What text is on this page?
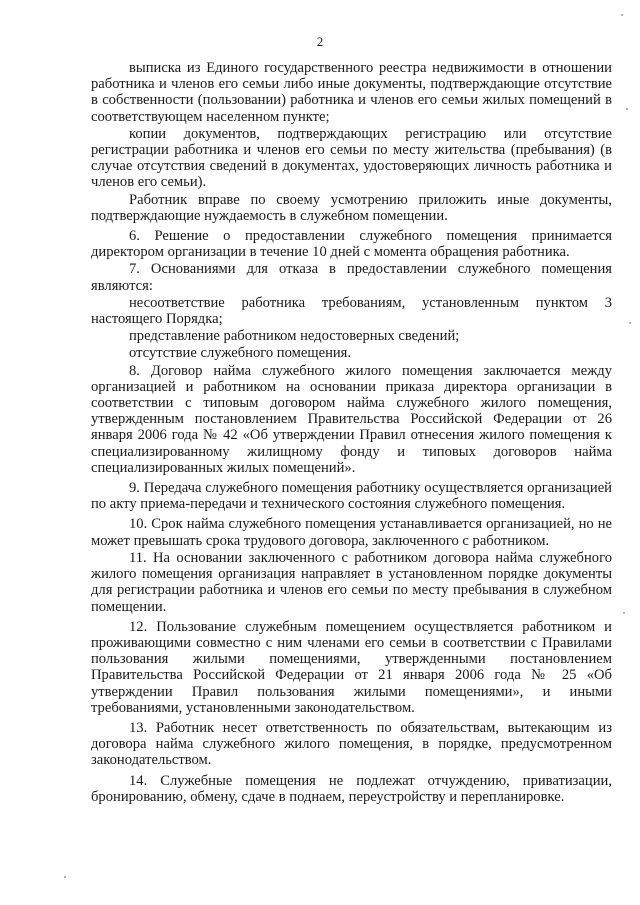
2

выписка из Единого государственного реестра недвижимости в отношении работника и членов его семьи либо иные документы, подтверждающие отсутствие в собственности (пользовании) работника и членов его семьи жилых помещений в соответствующем населенном пункте;

копии документов, подтверждающих регистрацию или отсутствие регистрации работника и членов его семьи по месту жительства (пребывания) (в случае отсутствия сведений в документах, удостоверяющих личность работника и членов его семьи).

Работник вправе по своему усмотрению приложить иные документы, подтверждающие нуждаемость в служебном помещении.

6. Решение о предоставлении служебного помещения принимается директором организации в течение 10 дней с момента обращения работника.

7. Основаниями для отказа в предоставлении служебного помещения являются:

несоответствие работника требованиям, установленным пунктом 3 настоящего Порядка;

представление работником недостоверных сведений;

отсутствие служебного помещения.

8. Договор найма служебного жилого помещения заключается между организацией и работником на основании приказа директора организации в соответствии с типовым договором найма служебного жилого помещения, утвержденным постановлением Правительства Российской Федерации от 26 января 2006 года № 42 «Об утверждении Правил отнесения жилого помещения к специализированному жилищному фонду и типовых договоров найма специализированных жилых помещений».

9. Передача служебного помещения работнику осуществляется организацией по акту приема-передачи и технического состояния служебного помещения.

10. Срок найма служебного помещения устанавливается организацией, но не может превышать срока трудового договора, заключенного с работником.

11. На основании заключенного с работником договора найма служебного жилого помещения организация направляет в установленном порядке документы для регистрации работника и членов его семьи по месту пребывания в служебном помещении.

12. Пользование служебным помещением осуществляется работником и проживающими совместно с ним членами его семьи в соответствии с Правилами пользования жилыми помещениями, утвержденными постановлением Правительства Российской Федерации от 21 января 2006 года № 25 «Об утверждении Правил пользования жилыми помещениями», и иными требованиями, установленными законодательством.

13. Работник несет ответственность по обязательствам, вытекающим из договора найма служебного жилого помещения, в порядке, предусмотренном законодательством.

14. Служебные помещения не подлежат отчуждению, приватизации, бронированию, обмену, сдаче в поднаем, переустройству и перепланировке.
